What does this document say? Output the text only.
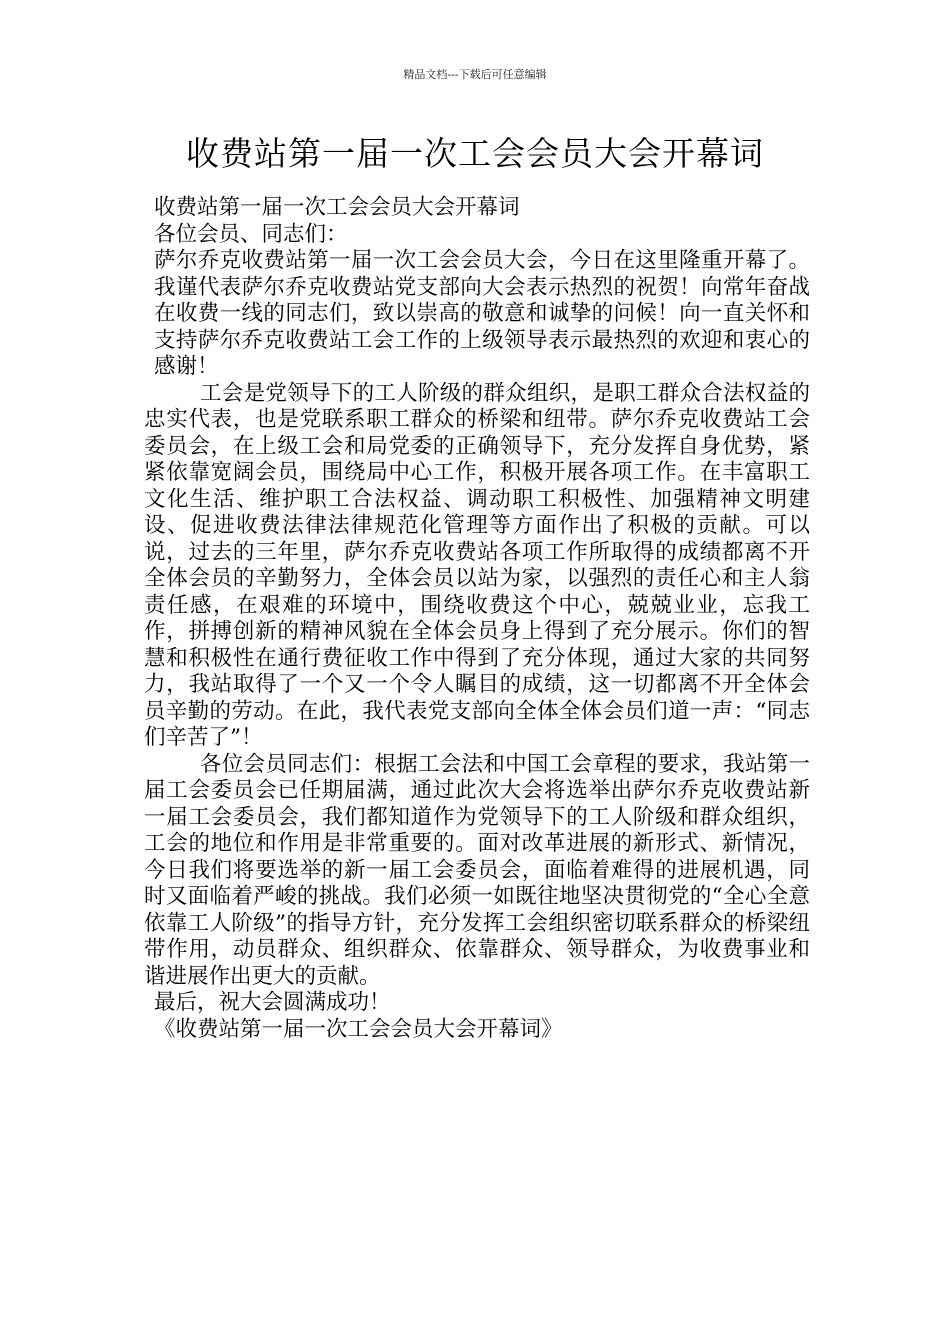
精品文档---下载后可任意编辑
收费站第一届一次工会会员大会开幕词

收费站第一届一次工会会员大会开幕词

各位会员、同志们：

萨尔乔克收费站第一届一次工会会员大会，今日在这里隆重开幕了。我谨代表萨尔乔克收费站党支部向大会表示热烈的祝贺！向常年奋战在收费一线的同志们，致以崇高的敬意和诚挚的问候！向一直关怀和支持萨尔乔克收费站工会工作的上级领导表示最热烈的欢迎和衷心的感谢！

工会是党领导下的工人阶级的群众组织，是职工群众合法权益的忠实代表，也是党联系职工群众的桥梁和纽带。萨尔乔克收费站工会委员会，在上级工会和局党委的正确领导下，充分发挥自身优势，紧紧依靠宽阔会员，围绕局中心工作，积极开展各项工作。在丰富职工文化生活、维护职工合法权益、调动职工积极性、加强精神文明建设、促进收费法律法律规范化管理等方面作出了积极的贡献。可以说，过去的三年里，萨尔乔克收费站各项工作所取得的成绩都离不开全体会员的辛勤努力，全体会员以站为家，以强烈的责任心和主人翁责任感，在艰难的环境中，围绕收费这个中心，兢兢业业，忘我工作，拼搏创新的精神风貌在全体会员身上得到了充分展示。你们的智慧和积极性在通行费征收工作中得到了充分体现，通过大家的共同努力，我站取得了一个又一个令人瞩目的成绩，这一切都离不开全体会员辛勤的劳动。在此，我代表党支部向全体全体会员们道一声：“同志们辛苦了”！

各位会员同志们：根据工会法和中国工会章程的要求，我站第一届工会委员会已任期届满，通过此次大会将选举出萨尔乔克收费站新一届工会委员会，我们都知道作为党领导下的工人阶级和群众组织，工会的地位和作用是非常重要的。面对改革进展的新形式、新情况，今日我们将要选举的新一届工会委员会，面临着难得的进展机遇，同时又面临着严峻的挑战。我们必须一如既往地坚决贯彻党的“全心全意依靠工人阶级”的指导方针，充分发挥工会组织密切联系群众的桥梁纽带作用，动员群众、组织群众、依靠群众、领导群众，为收费事业和谐进展作出更大的贡献。

最后，祝大会圆满成功！

《收费站第一届一次工会会员大会开幕词》
